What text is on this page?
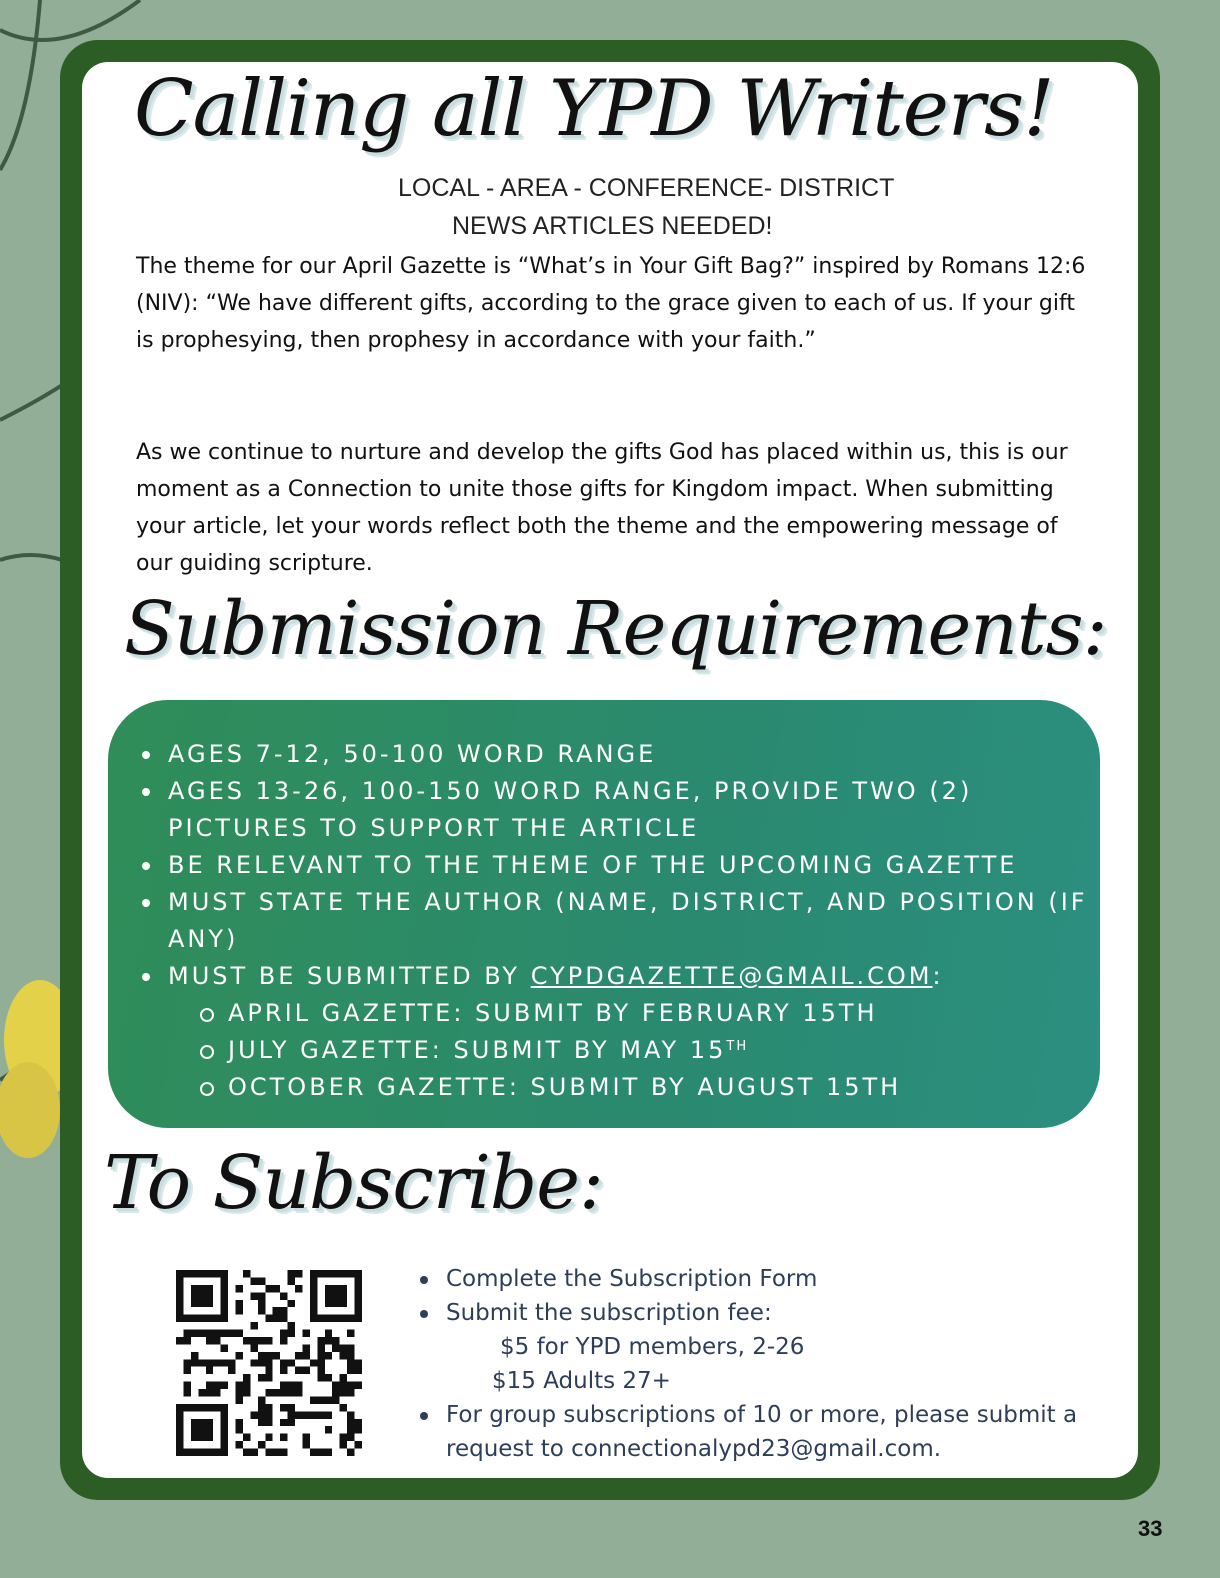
Calling all YPD Writers!
LOCAL - AREA - CONFERENCE- DISTRICT
NEWS ARTICLES NEEDED!

The theme for our April Gazette is “What’s in Your Gift Bag?” inspired by Romans 12:6 (NIV): “We have different gifts, according to the grace given to each of us. If your gift is prophesying, then prophesy in accordance with your faith.”

As we continue to nurture and develop the gifts God has placed within us, this is our moment as a Connection to unite those gifts for Kingdom impact. When submitting your article, let your words reflect both the theme and the empowering message of our guiding scripture.

Submission Requirements:
AGES 7-12, 50-100 WORD RANGE
AGES 13-26, 100-150 WORD RANGE, PROVIDE TWO (2) PICTURES TO SUPPORT THE ARTICLE
BE RELEVANT TO THE THEME OF THE UPCOMING GAZETTE
MUST STATE THE AUTHOR (NAME, DISTRICT, AND POSITION (IF ANY)
MUST BE SUBMITTED BY CYPDGAZETTE@GMAIL.COM:
APRIL GAZETTE: SUBMIT BY FEBRUARY 15TH
JULY GAZETTE: SUBMIT BY MAY 15TH
OCTOBER GAZETTE: SUBMIT BY AUGUST 15TH
To Subscribe:
Complete the Subscription Form
Submit the subscription fee:
$5 for YPD members, 2-26
$15 Adults 27+
For group subscriptions of 10 or more, please submit a request to connectionalypd23@gmail.com.
33
